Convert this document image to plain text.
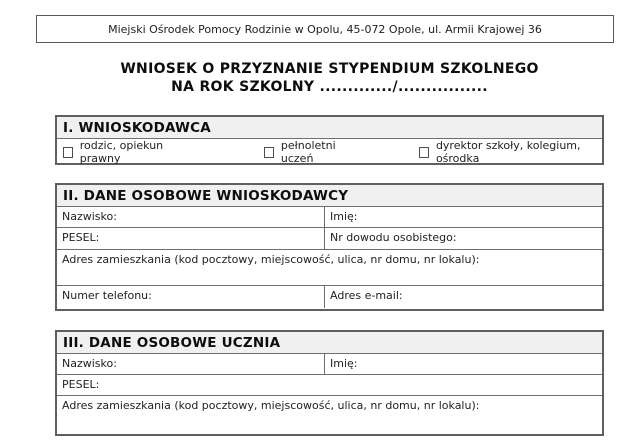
Miejski Ośrodek Pomocy Rodzinie w Opolu, 45-072 Opole, ul. Armii Krajowej 36
WNIOSEK O PRZYZNANIE STYPENDIUM SZKOLNEGO
NA ROK SZKOLNY ............./................
I. WNIOSKODAWCA
rodzic, opiekun prawny
pełnoletni uczeń
dyrektor szkoły, kolegium, ośrodka
II. DANE OSOBOWE WNIOSKODAWCY
Nazwisko:	Imię:
PESEL:	Nr dowodu osobistego:
Adres zamieszkania (kod pocztowy, miejscowość, ulica, nr domu, nr lokalu):
Numer telefonu:	Adres e-mail:
III. DANE OSOBOWE UCZNIA
Nazwisko:	Imię:
PESEL:
Adres zamieszkania (kod pocztowy, miejscowość, ulica, nr domu, nr lokalu):
